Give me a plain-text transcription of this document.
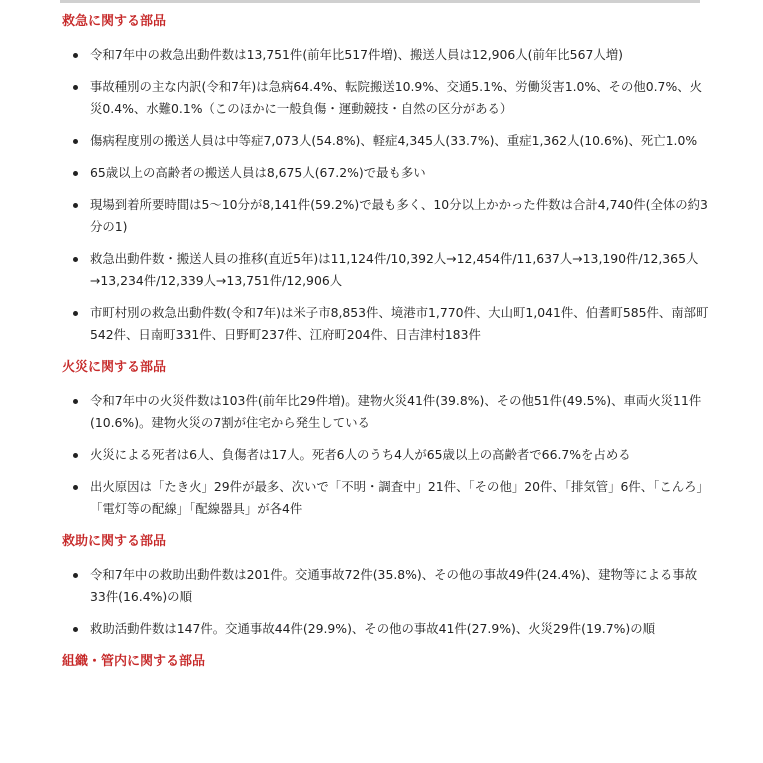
救急に関する部品
令和7年中の救急出動件数は13,751件(前年比517件増)、搬送人員は12,906人(前年比567人増)
事故種別の主な内訳(令和7年)は急病64.4%、転院搬送10.9%、交通5.1%、労働災害1.0%、その他0.7%、火災0.4%、水難0.1%（このほかに一般負傷・運動競技・自然の区分がある）
傷病程度別の搬送人員は中等症7,073人(54.8%)、軽症4,345人(33.7%)、重症1,362人(10.6%)、死亡1.0%
65歳以上の高齢者の搬送人員は8,675人(67.2%)で最も多い
現場到着所要時間は5～10分が8,141件(59.2%)で最も多く、10分以上かかった件数は合計4,740件(全体の約3分の1)
救急出動件数・搬送人員の推移(直近5年)は11,124件/10,392人→12,454件/11,637人→13,190件/12,365人→13,234件/12,339人→13,751件/12,906人
市町村別の救急出動件数(令和7年)は米子市8,853件、境港市1,770件、大山町1,041件、伯耆町585件、南部町542件、日南町331件、日野町237件、江府町204件、日吉津村183件
火災に関する部品
令和7年中の火災件数は103件(前年比29件増)。建物火災41件(39.8%)、その他51件(49.5%)、車両火災11件(10.6%)。建物火災の7割が住宅から発生している
火災による死者は6人、負傷者は17人。死者6人のうち4人が65歳以上の高齢者で66.7%を占める
出火原因は「たき火」29件が最多、次いで「不明・調査中」21件、「その他」20件、「排気管」6件、「こんろ」「電灯等の配線」「配線器具」が各4件
救助に関する部品
令和7年中の救助出動件数は201件。交通事故72件(35.8%)、その他の事故49件(24.4%)、建物等による事故33件(16.4%)の順
救助活動件数は147件。交通事故44件(29.9%)、その他の事故41件(27.9%)、火災29件(19.7%)の順
組織・管内に関する部品
